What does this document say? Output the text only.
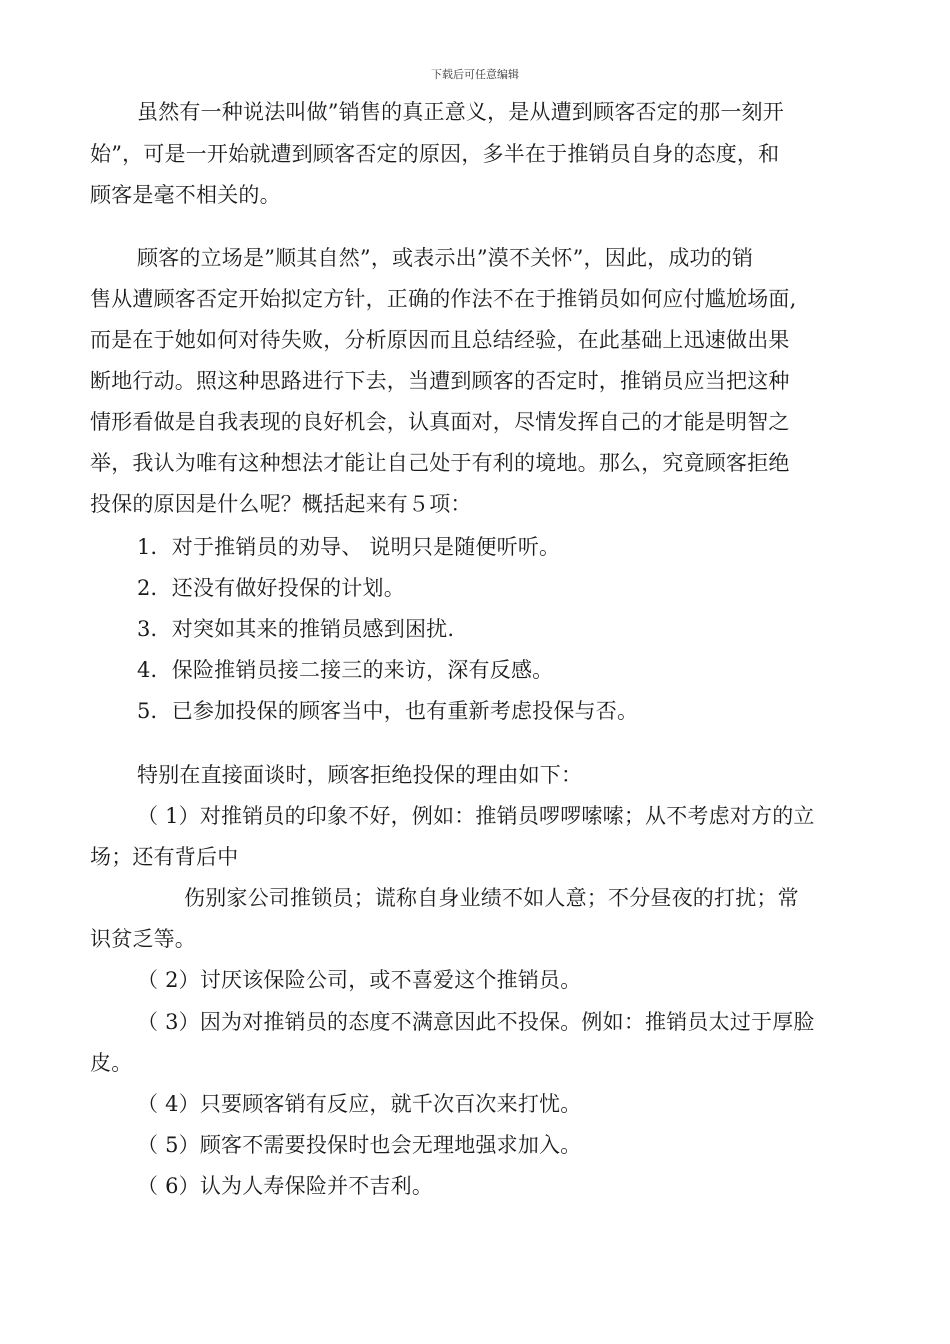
下载后可任意编辑
虽然有一种说法叫做”销售的真正意义，是从遭到顾客否定的那一刻开
始”，可是一开始就遭到顾客否定的原因，多半在于推销员自身的态度，和
顾客是毫不相关的。
顾客的立场是”顺其自然”，或表示出”漠不关怀”，因此，成功的销
售从遭顾客否定开始拟定方针，正确的作法不在于推销员如何应付尴尬场面,
而是在于她如何对待失败，分析原因而且总结经验，在此基础上迅速做出果
断地行动。照这种思路进行下去，当遭到顾客的否定时，推销员应当把这种
情形看做是自我表现的良好机会，认真面对，尽情发挥自己的才能是明智之
举，我认为唯有这种想法才能让自己处于有利的境地。那么，究竟顾客拒绝
投保的原因是什么呢？概括起来有５项：
1．对于推销员的劝导、 说明只是随便听听。
2．还没有做好投保的计划。
3．对突如其来的推销员感到困扰.
4．保险推销员接二接三的来访，深有反感。
5．已参加投保的顾客当中，也有重新考虑投保与否。
特别在直接面谈时，顾客拒绝投保的理由如下：
（ 1）对推销员的印象不好，例如：推销员啰啰嗦嗦；从不考虑对方的立
场；还有背后中
伤别家公司推锁员；谎称自身业绩不如人意；不分昼夜的打扰；常
识贫乏等。
（ 2）讨厌该保险公司，或不喜爱这个推销员。
（ 3）因为对推销员的态度不满意因此不投保。例如：推销员太过于厚脸
皮。
（ 4）只要顾客销有反应，就千次百次来打忧。
（ 5）顾客不需要投保时也会无理地强求加入。
（ 6）认为人寿保险并不吉利。
